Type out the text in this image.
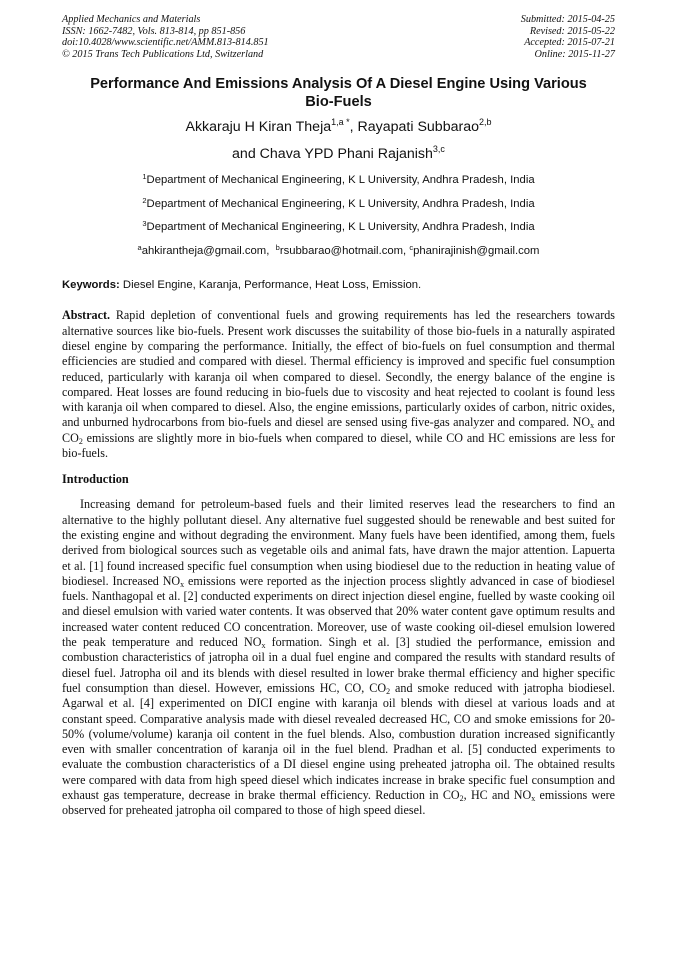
Applied Mechanics and Materials
ISSN: 1662-7482, Vols. 813-814, pp 851-856
doi:10.4028/www.scientific.net/AMM.813-814.851
© 2015 Trans Tech Publications Ltd, Switzerland
Submitted: 2015-04-25
Revised: 2015-05-22
Accepted: 2015-07-21
Online: 2015-11-27
Performance And Emissions Analysis Of A Diesel Engine Using Various
Bio-Fuels
Akkaraju H Kiran Theja$^{1,a *}$, Rayapati Subbarao$^{2,b}$
and Chava YPD Phani Rajanish$^{3,c}$
$^1$Department of Mechanical Engineering, K L University, Andhra Pradesh, India
$^2$Department of Mechanical Engineering, K L University, Andhra Pradesh, India
$^3$Department of Mechanical Engineering, K L University, Andhra Pradesh, India
$^a$ahkirantheja@gmail.com, $^b$rsubbarao@hotmail.com, $^c$phanirajinish@gmail.com
Keywords: Diesel Engine, Karanja, Performance, Heat Loss, Emission.
Abstract. Rapid depletion of conventional fuels and growing requirements has led the researchers towards alternative sources like bio-fuels. Present work discusses the suitability of those bio-fuels in a naturally aspirated diesel engine by comparing the performance. Initially, the effect of bio-fuels on fuel consumption and thermal efficiencies are studied and compared with diesel. Thermal efficiency is improved and specific fuel consumption reduced, particularly with karanja oil when compared to diesel. Secondly, the energy balance of the engine is compared. Heat losses are found reducing in bio-fuels due to viscosity and heat rejected to coolant is found less with karanja oil when compared to diesel. Also, the engine emissions, particularly oxides of carbon, nitric oxides, and unburned hydrocarbons from bio-fuels and diesel are sensed using five-gas analyzer and compared. $NO_x$ and $CO_2$ emissions are slightly more in bio-fuels when compared to diesel, while CO and HC emissions are less for bio-fuels.
Introduction
Increasing demand for petroleum-based fuels and their limited reserves lead the researchers to find an alternative to the highly pollutant diesel. Any alternative fuel suggested should be renewable and best suited for the existing engine and without degrading the environment. Many fuels have been identified, among them, fuels derived from biological sources such as vegetable oils and animal fats, have drawn the major attention. Lapuerta et al. [1] found increased specific fuel consumption when using biodiesel due to the reduction in heating value of biodiesel. Increased $NO_x$ emissions were reported as the injection process slightly advanced in case of biodiesel fuels. Nanthagopal et al. [2] conducted experiments on direct injection diesel engine, fuelled by waste cooking oil and diesel emulsion with varied water contents. It was observed that 20% water content gave optimum results and increased water content reduced CO concentration. Moreover, use of waste cooking oil-diesel emulsion lowered the peak temperature and reduced $NO_x$ formation. Singh et al. [3] studied the performance, emission and combustion characteristics of jatropha oil in a dual fuel engine and compared the results with standard results of diesel fuel. Jatropha oil and its blends with diesel resulted in lower brake thermal efficiency and higher specific fuel consumption than diesel. However, emissions HC, CO, $CO_2$ and smoke reduced with jatropha biodiesel. Agarwal et al. [4] experimented on DICI engine with karanja oil blends with diesel at various loads and at constant speed. Comparative analysis made with diesel revealed decreased HC, CO and smoke emissions for 20-50% (volume/volume) karanja oil content in the fuel blends. Also, combustion duration increased significantly even with smaller concentration of karanja oil in the fuel blend. Pradhan et al. [5] conducted experiments to evaluate the combustion characteristics of a DI diesel engine using preheated jatropha oil. The obtained results were compared with data from high speed diesel which indicates increase in brake specific fuel consumption and exhaust gas temperature, decrease in brake thermal efficiency. Reduction in $CO_2$, HC and $NO_x$ emissions were observed for preheated jatropha oil compared to those of high speed diesel.
